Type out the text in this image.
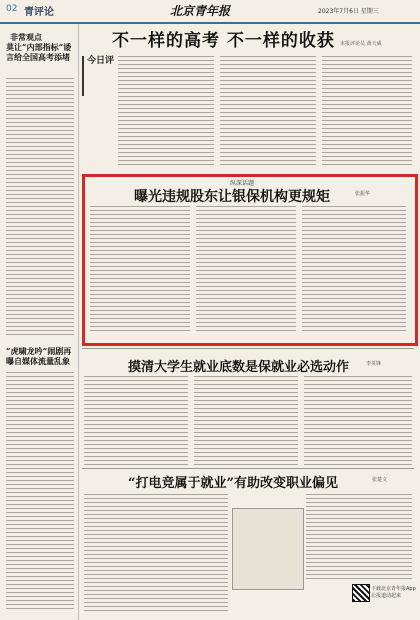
02 青评论	北京青年报	2023年7月6日 星期三
非常观点
莫让“内部指标”诿言给全国高考添堵
“虎啸龙吟”闹剧再曝自媒体流量乱象
不一样的高考 不一样的收获 本报评论员 黄天威
今日评
纵深话题
曝光违规股东让银保机构更规矩	张振华
摸清大学生就业底数是保就业必选动作	李英锋
“打电竞属于就业”有助改变职业偏见	张楚文
下载北京青年报App
让报道动起来
